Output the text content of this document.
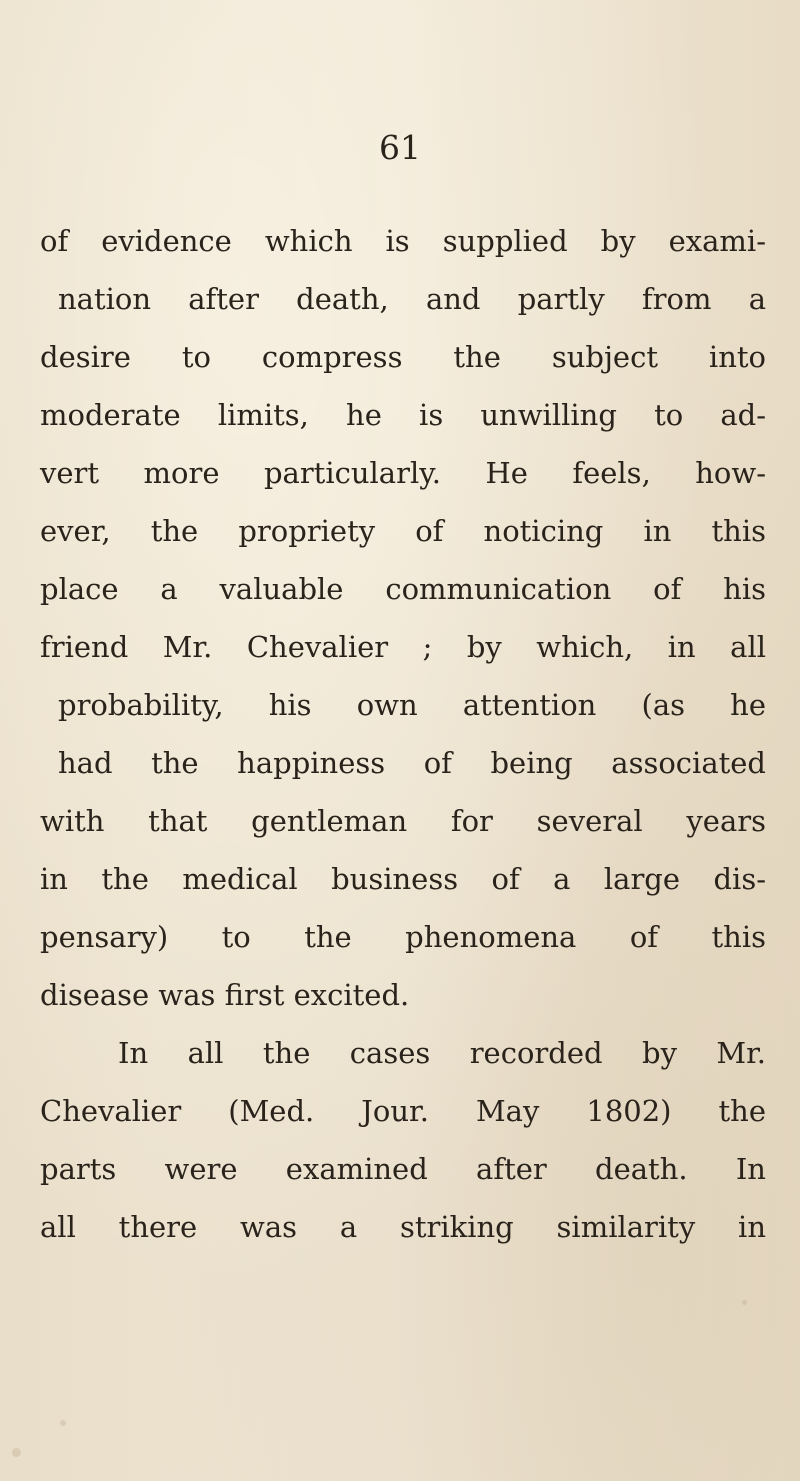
61
of evidence which is supplied by exami-
nation after death, and partly from a
desire to compress the subject into
moderate limits, he is unwilling to ad-
vert more particularly. He feels, how-
ever, the propriety of noticing in this
place a valuable communication of his
friend Mr. Chevalier ; by which, in all
probability, his own attention (as he
had the happiness of being associated
with that gentleman for several years
in the medical business of a large dis-
pensary) to the phenomena of this
disease was first excited.
In all the cases recorded by Mr.
Chevalier (Med. Jour. May 1802) the
parts were examined after death. In
all there was a striking similarity in
